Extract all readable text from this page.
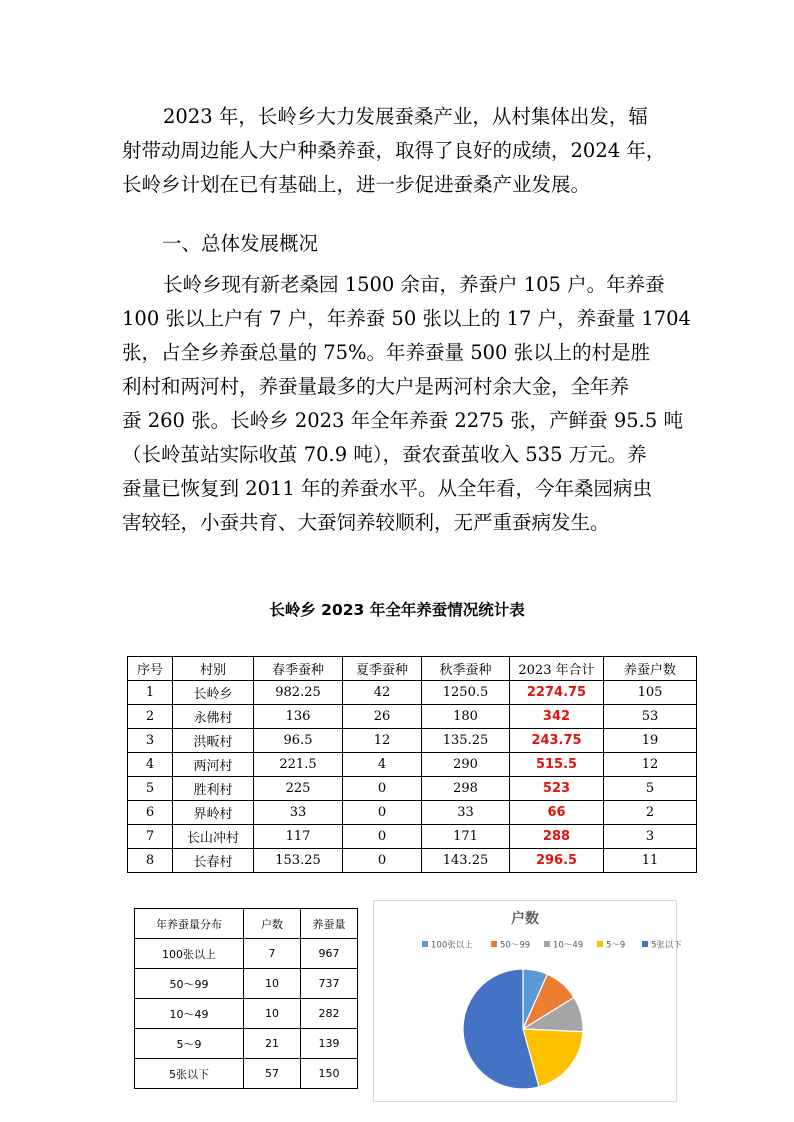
2023 年，长岭乡大力发展蚕桑产业，从村集体出发，辐
射带动周边能人大户种桑养蚕，取得了良好的成绩，2024 年，
长岭乡计划在已有基础上，进一步促进蚕桑产业发展。

一、总体发展概况

长岭乡现有新老桑园 1500 余亩，养蚕户 105 户。年养蚕
100 张以上户有 7 户，年养蚕 50 张以上的 17 户，养蚕量 1704
张，占全乡养蚕总量的 75%。年养蚕量 500 张以上的村是胜
利村和两河村，养蚕量最多的大户是两河村余大金，全年养
蚕 260 张。长岭乡 2023 年全年养蚕 2275 张，产鲜蚕 95.5 吨
（长岭茧站实际收茧 70.9 吨），蚕农蚕茧收入 535 万元。养
蚕量已恢复到 2011 年的养蚕水平。从全年看，今年桑园病虫
害较轻，小蚕共育、大蚕饲养较顺利，无严重蚕病发生。

长岭乡 2023 年全年养蚕情况统计表
序号	村别	春季蚕种	夏季蚕种	秋季蚕种	2023 年合计	养蚕户数
1	长岭乡	982.25	42	1250.5	2274.75	105
2	永佛村	136	26	180	342	53
3	洪畈村	96.5	12	135.25	243.75	19
4	两河村	221.5	4	290	515.5	12
5	胜利村	225	0	298	523	5
6	界岭村	33	0	33	66	2
7	长山冲村	117	0	171	288	3
8	长春村	153.25	0	143.25	296.5	11
年养蚕量分布	户数	养蚕量
100张以上	7	967
50～99	10	737
10～49	10	282
5～9	21	139
5张以下	57	150
户数
100张以上	50～99	10～49	5～9	5张以下
